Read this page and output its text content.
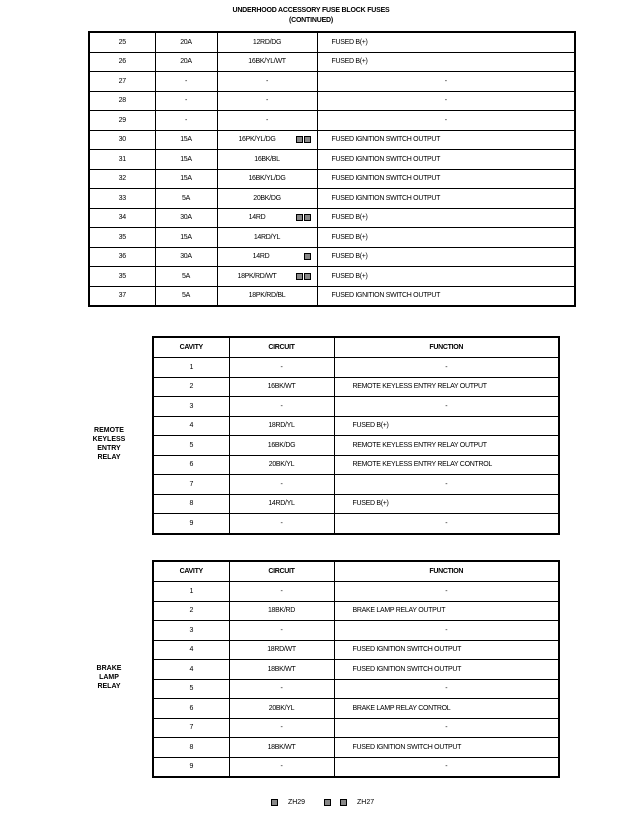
UNDERHOOD ACCESSORY FUSE BLOCK FUSES
(CONTINUED)
25	20A	12RD/DG	FUSED B(+)
26	20A	16BK/YL/WT	FUSED B(+)
27	-	-	-
28	-	-	-
29	-	-	-
30	15A	16PK/YL/DG	FUSED IGNITION SWITCH OUTPUT
31	15A	16BK/BL	FUSED IGNITION SWITCH OUTPUT
32	15A	16BK/YL/DG	FUSED IGNITION SWITCH OUTPUT
33	5A	20BK/DG	FUSED IGNITION SWITCH OUTPUT
34	30A	14RD	FUSED B(+)
35	15A	14RD/YL	FUSED B(+)
36	30A	14RD	FUSED B(+)
35	5A	18PK/RD/WT	FUSED B(+)
37	5A	18PK/RD/BL	FUSED IGNITION SWITCH OUTPUT
REMOTE
KEYLESS
ENTRY
RELAY
CAVITY	CIRCUIT	FUNCTION
1	-	-
2	16BK/WT	REMOTE KEYLESS ENTRY RELAY OUTPUT
3	-	-
4	18RD/YL	FUSED B(+)
5	16BK/DG	REMOTE KEYLESS ENTRY RELAY OUTPUT
6	20BK/YL	REMOTE KEYLESS ENTRY RELAY CONTROL
7	-	-
8	14RD/YL	FUSED B(+)
9	-	-
BRAKE
LAMP
RELAY
CAVITY	CIRCUIT	FUNCTION
1	-	-
2	18BK/RD	BRAKE LAMP RELAY OUTPUT
3	-	-
4	18RD/WT	FUSED IGNITION SWITCH OUTPUT
4	18BK/WT	FUSED IGNITION SWITCH OUTPUT
5	-	-
6	20BK/YL	BRAKE LAMP RELAY CONTROL
7	-	-
8	18BK/WT	FUSED IGNITION SWITCH OUTPUT
9	-	-
ZH29	ZH27
